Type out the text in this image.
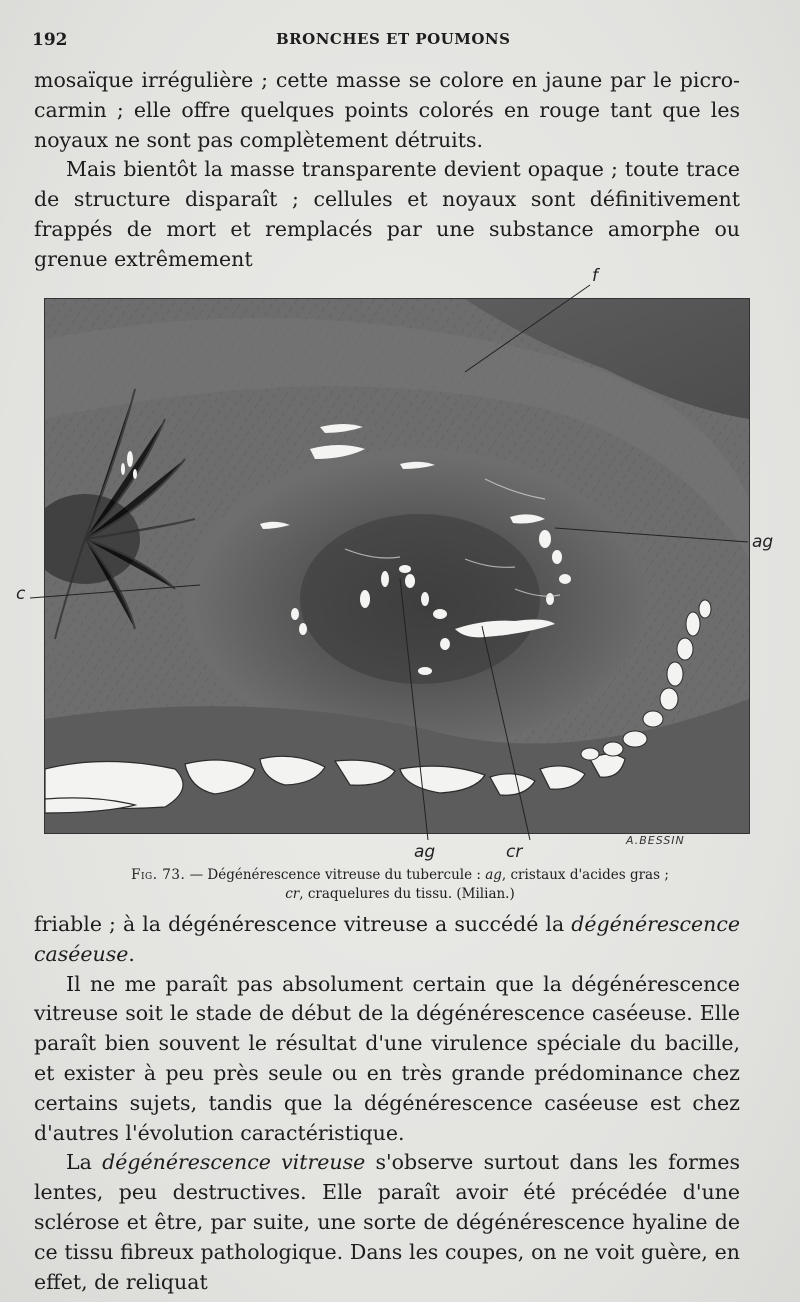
192	BRONCHES ET POUMONS

mosaïque irrégulière ; cette masse se colore en jaune par le picro-carmin ; elle offre quelques points colorés en rouge tant que les noyaux ne sont pas complètement détruits.

Mais bientôt la masse transparente devient opaque ; toute trace de structure disparaît ; cellules et noyaux sont définitivement frappés de mort et remplacés par une substance amorphe ou grenue extrêmement

f
ag
c
ag	cr
A.BESSIN
Fig. 73. — Dégénérescence vitreuse du tubercule : ag, cristaux d'acides gras ;
cr, craquelures du tissu. (Milian.)

friable ; à la dégénérescence vitreuse a succédé la dégénérescence caséeuse.

Il ne me paraît pas absolument certain que la dégénérescence vitreuse soit le stade de début de la dégénérescence caséeuse. Elle paraît bien souvent le résultat d'une virulence spéciale du bacille, et exister à peu près seule ou en très grande prédominance chez certains sujets, tandis que la dégénérescence caséeuse est chez d'autres l'évolution caractéristique.

La dégénérescence vitreuse s'observe surtout dans les formes lentes, peu destructives. Elle paraît avoir été précédée d'une sclérose et être, par suite, une sorte de dégénérescence hyaline de ce tissu fibreux pathologique. Dans les coupes, on ne voit guère, en effet, de reliquat
